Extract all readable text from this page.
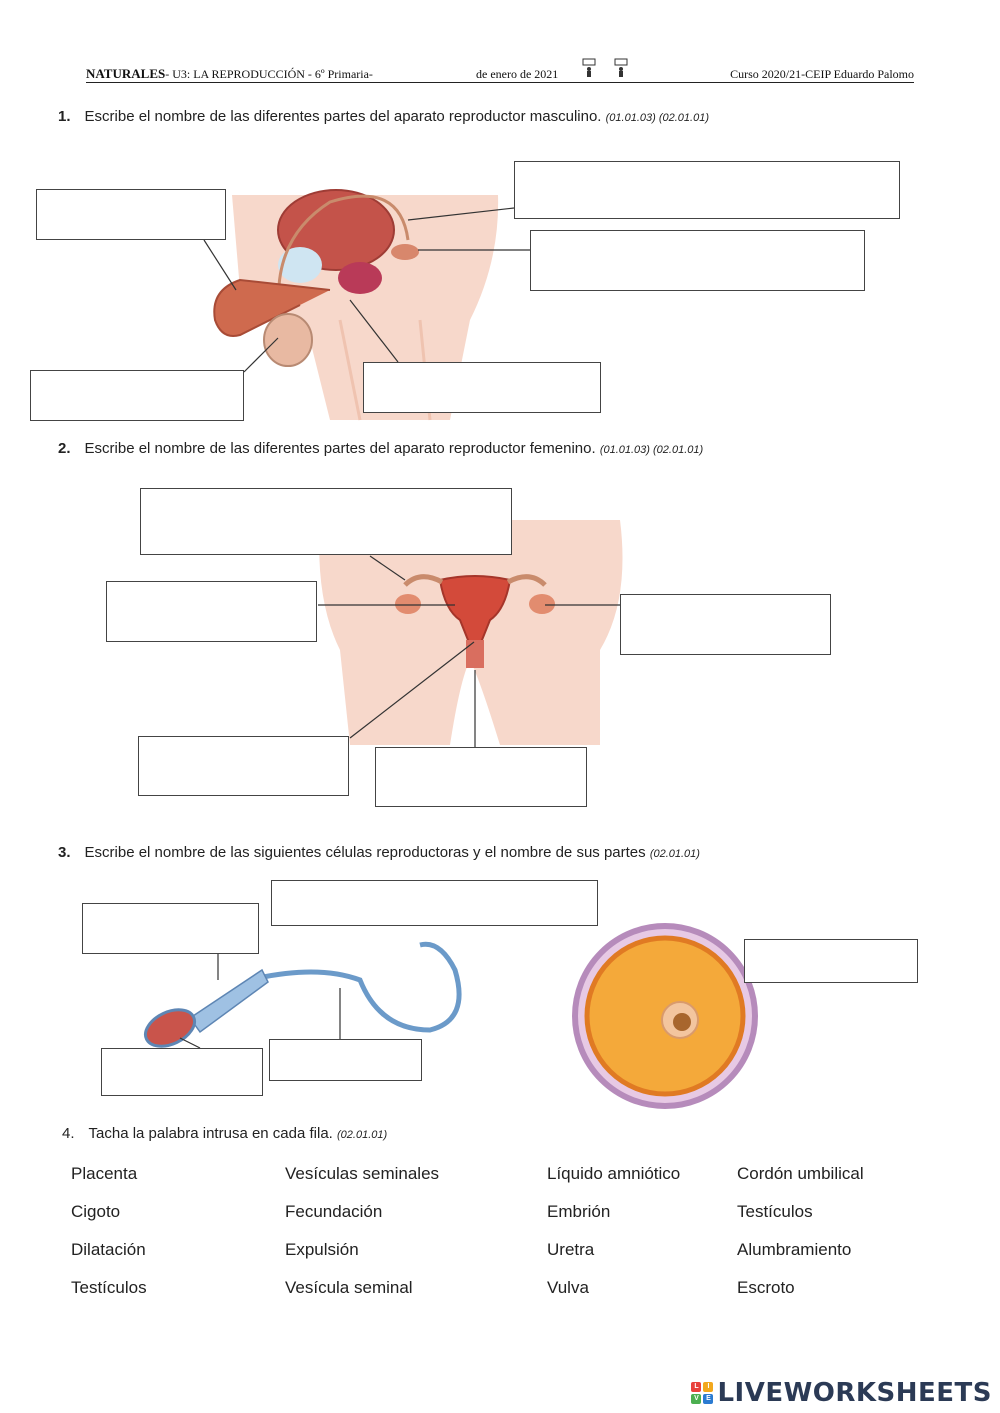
NATURALES- U3: LA REPRODUCCIÓN - 6º Primaria-	de enero de 2021	Curso 2020/21-CEIP Eduardo Palomo
1. Escribe el nombre de las diferentes partes del aparato reproductor masculino. (01.01.03) (02.01.01)
2. Escribe el nombre de las diferentes partes del aparato reproductor femenino. (01.01.03) (02.01.01)
3. Escribe el nombre de las siguientes células reproductoras y el nombre de sus partes (02.01.01)
4. Tacha la palabra intrusa en cada fila. (02.01.01)
Placenta	Vesículas seminales	Líquido amniótico	Cordón umbilical
Cigoto	Fecundación	Embrión	Testículos
Dilatación	Expulsión	Uretra	Alumbramiento
Testículos	Vesícula seminal	Vulva	Escroto
L	I
V	E LIVEWORKSHEETS
